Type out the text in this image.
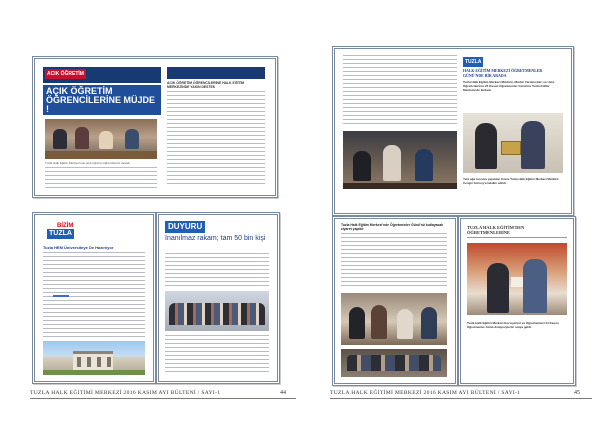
ACIK ÖĞRETİM
AÇIK ÖĞRETİM ÖĞRENCİLERİNE MÜJDE !
Tuzla Halk Eğitim Merkezi'nde açık öğretim öğrencilerine destek
ACIK ÖĞRETİM ÖĞRENCİLERİNE HALK EĞİTİM MERKEZİNDE YAKIN DESTEK
BİZİM
TUZLA
Tuzla HEM Üniversiteye De Hazırlıyor
DUYURU
İnanılmaz rakam; tam 50 bin kişi
TUZLA HALK EĞİTİMİ MERKEZİ 2016 KASIM AYI BÜLTENİ / SAYI-1	44
TUZLA
HALK EĞİTİM MERKEZİ ÖĞRETMENLER GÜNÜ'NDE BİR ARADA
Tuzla Halk Eğitim Merkezi Müdürü, Müdür Yardımcıları ve Usta Öğreticilerinin 24 Kasım Öğretmenler Günü'nü Tuzla Kültür Merkezinde kutladı.
Yeni ağa turnuva yapanlar töreni Tuzla Halk Eğitim Merkezi Müdürü Cengiz Gürsoy'a takdim edildi.
Tuzla Halk Eğitim Merkezi'nde Öğretmenler Günü'nü kutlayacak ziyaret yapıldı	TUZLA HALK EĞİTİM'DEN ÖĞRETMENLERİNE
Tuzla Halk Eğitim Merkezi Kursiyerleri ve Öğretmenleri 24 Kasım Öğretmenler Günü dolayısıyla bir araya geldi.
TUZLA HALK EĞİTİMİ MERKEZİ 2016 KASIM AYI BÜLTENİ / SAYI-1	45
